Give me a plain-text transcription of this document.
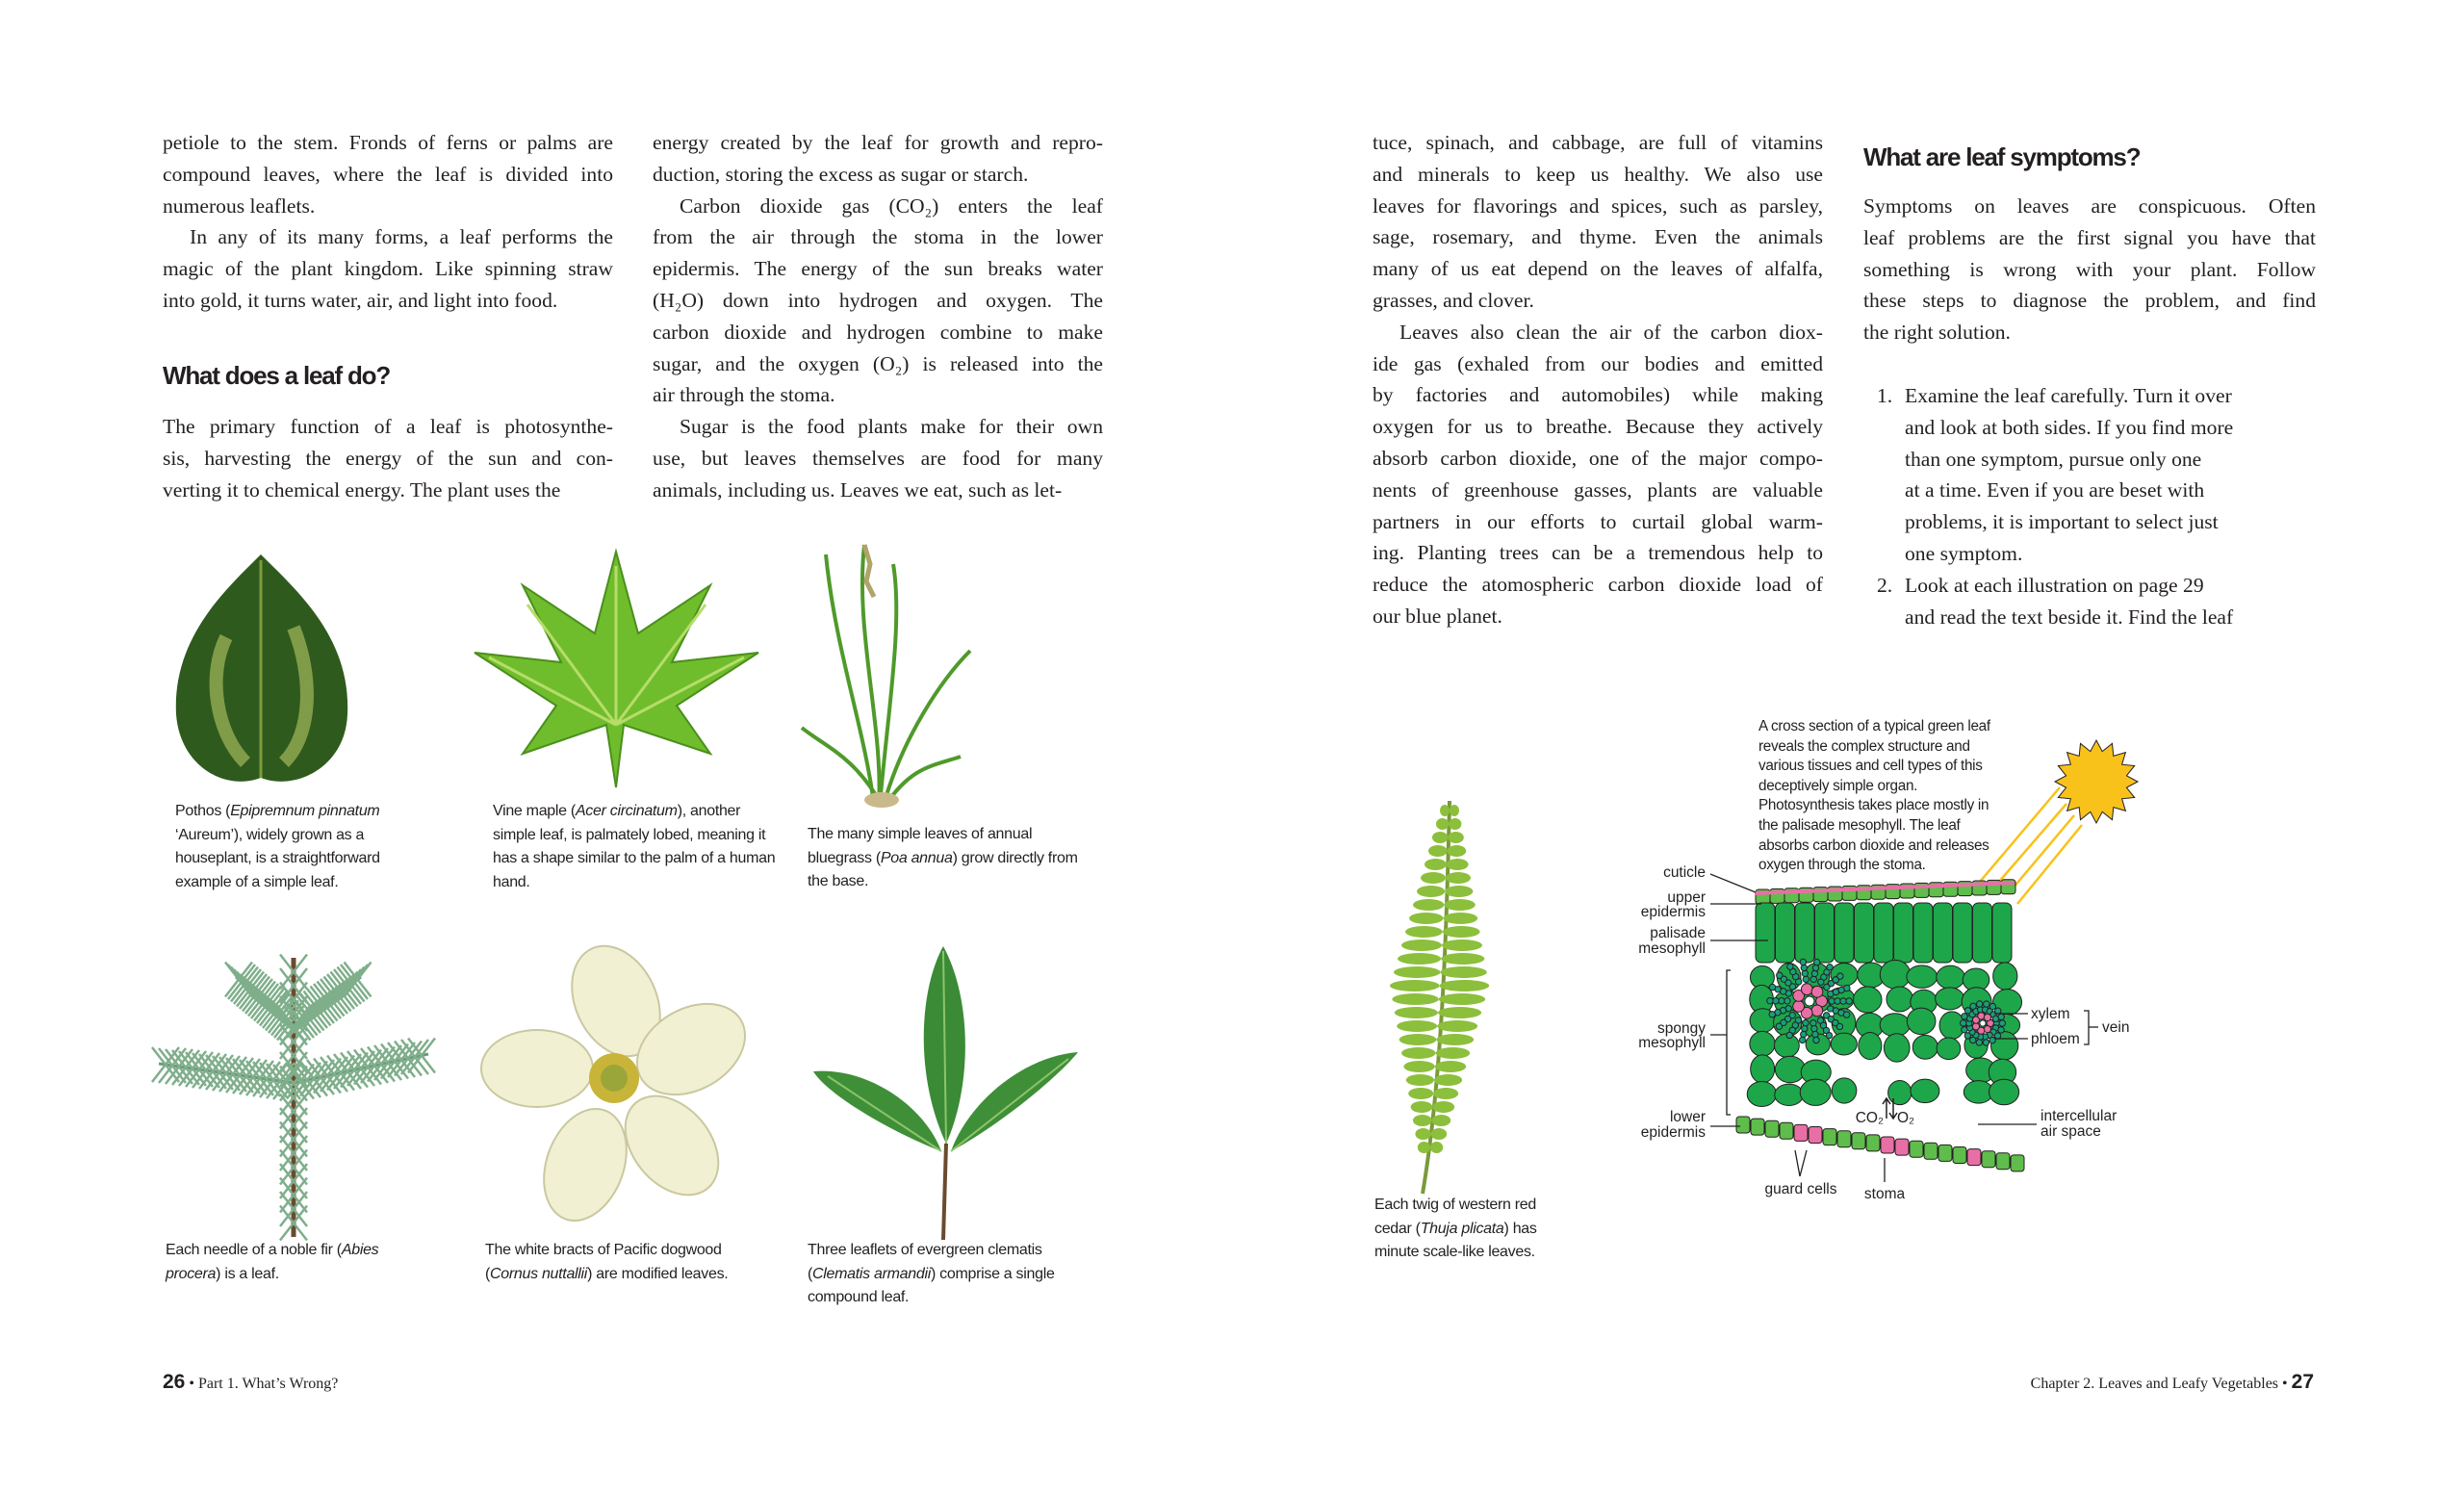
petiole to the stem. Fronds of ferns or palms are
compound leaves, where the leaf is divided into
numerous leaflets.
In any of its many forms, a leaf performs the
magic of the plant kingdom. Like spinning straw
into gold, it turns water, air, and light into food.
What does a leaf do?
The primary function of a leaf is photosynthe-
sis, harvesting the energy of the sun and con-
verting it to chemical energy. The plant uses the
energy created by the leaf for growth and repro-
duction, storing the excess as sugar or starch.
Carbon dioxide gas (CO₂) enters the leaf
from the air through the stoma in the lower
epidermis. The energy of the sun breaks water
(H₂O) down into hydrogen and oxygen. The
carbon dioxide and hydrogen combine to make
sugar, and the oxygen (O₂) is released into the
air through the stoma.
Sugar is the food plants make for their own
use, but leaves themselves are food for many
animals, including us. Leaves we eat, such as let-
Pothos (Epipremnum pinnatum ‘Aureum’), widely grown as a houseplant, is a straightforward example of a simple leaf.
Vine maple (Acer circinatum), another simple leaf, is palmately lobed, meaning it has a shape similar to the palm of a human hand.
The many simple leaves of annual bluegrass (Poa annua) grow directly from the base.
Each needle of a noble fir (Abies procera) is a leaf.
The white bracts of Pacific dogwood (Cornus nuttallii) are modified leaves.
Three leaflets of evergreen clematis (Clematis armandii) comprise a single compound leaf.
26 • Part 1. What’s Wrong?
tuce, spinach, and cabbage, are full of vitamins
and minerals to keep us healthy. We also use
leaves for flavorings and spices, such as parsley,
sage, rosemary, and thyme. Even the animals
many of us eat depend on the leaves of alfalfa,
grasses, and clover.
Leaves also clean the air of the carbon diox-
ide gas (exhaled from our bodies and emitted
by factories and automobiles) while making
oxygen for us to breathe. Because they actively
absorb carbon dioxide, one of the major compo-
nents of greenhouse gasses, plants are valuable
partners in our efforts to curtail global warm-
ing. Planting trees can be a tremendous help to
reduce the atomospheric carbon dioxide load of
our blue planet.
What are leaf symptoms?
Symptoms on leaves are conspicuous. Often
leaf problems are the first signal you have that
something is wrong with your plant. Follow
these steps to diagnose the problem, and find
the right solution.
1. Examine the leaf carefully. Turn it over
and look at both sides. If you find more
than one symptom, pursue only one
at a time. Even if you are beset with
problems, it is important to select just
one symptom.
2. Look at each illustration on page 29
and read the text beside it. Find the leaf
Each twig of western red cedar (Thuja plicata) has minute scale-like leaves.
A cross section of a typical green leaf reveals the complex structure and various tissues and cell types of this deceptively simple organ. Photosynthesis takes place mostly in the palisade mesophyll. The leaf absorbs carbon dioxide and releases oxygen through the stoma.
cuticle
upper
epidermis
palisade
mesophyll
spongy
mesophyll
lower
epidermis
xylem
phloem
vein
intercellular
air space
CO₂ O₂
guard cells stoma
Chapter 2. Leaves and Leafy Vegetables • 27
